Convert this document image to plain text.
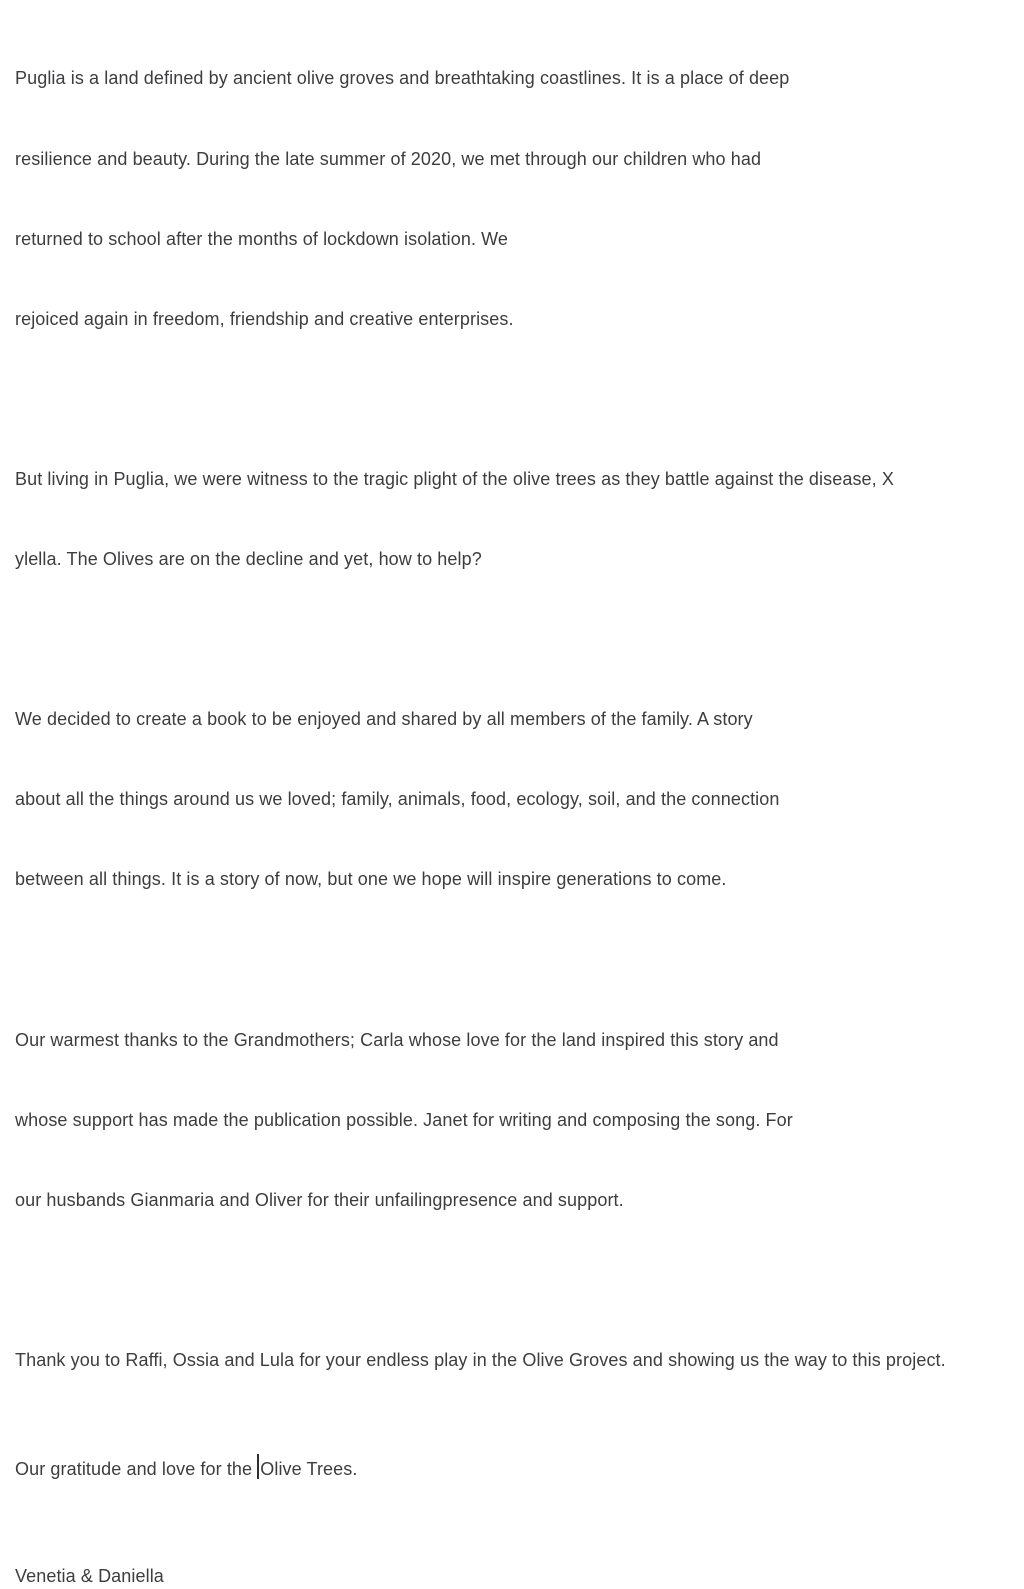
Puglia is a land defined by ancient olive groves and breathtaking coastlines. It is a place of deep

resilience and beauty. During the late summer of 2020, we met through our children who had

returned to school after the months of lockdown isolation. We

rejoiced again in freedom, friendship and creative enterprises.

But living in Puglia, we were witness to the tragic plight of the olive trees as they battle against the disease, X

ylella. The Olives are on the decline and yet, how to help?

We decided to create a book to be enjoyed and shared by all members of the family. A story

about all the things around us we loved; family, animals, food, ecology, soil, and the connection

between all things. It is a story of now, but one we hope will inspire generations to come.

Our warmest thanks to the Grandmothers; Carla whose love for the land inspired this story and

whose support has made the publication possible. Janet for writing and composing the song. For

our husbands Gianmaria and Oliver for their unfailingpresence and support.

Thank you to Raffi, Ossia and Lula for your endless play in the Olive Groves and showing us the way to this project.

Our gratitude and love for the Olive Trees.

Venetia & Daniella
